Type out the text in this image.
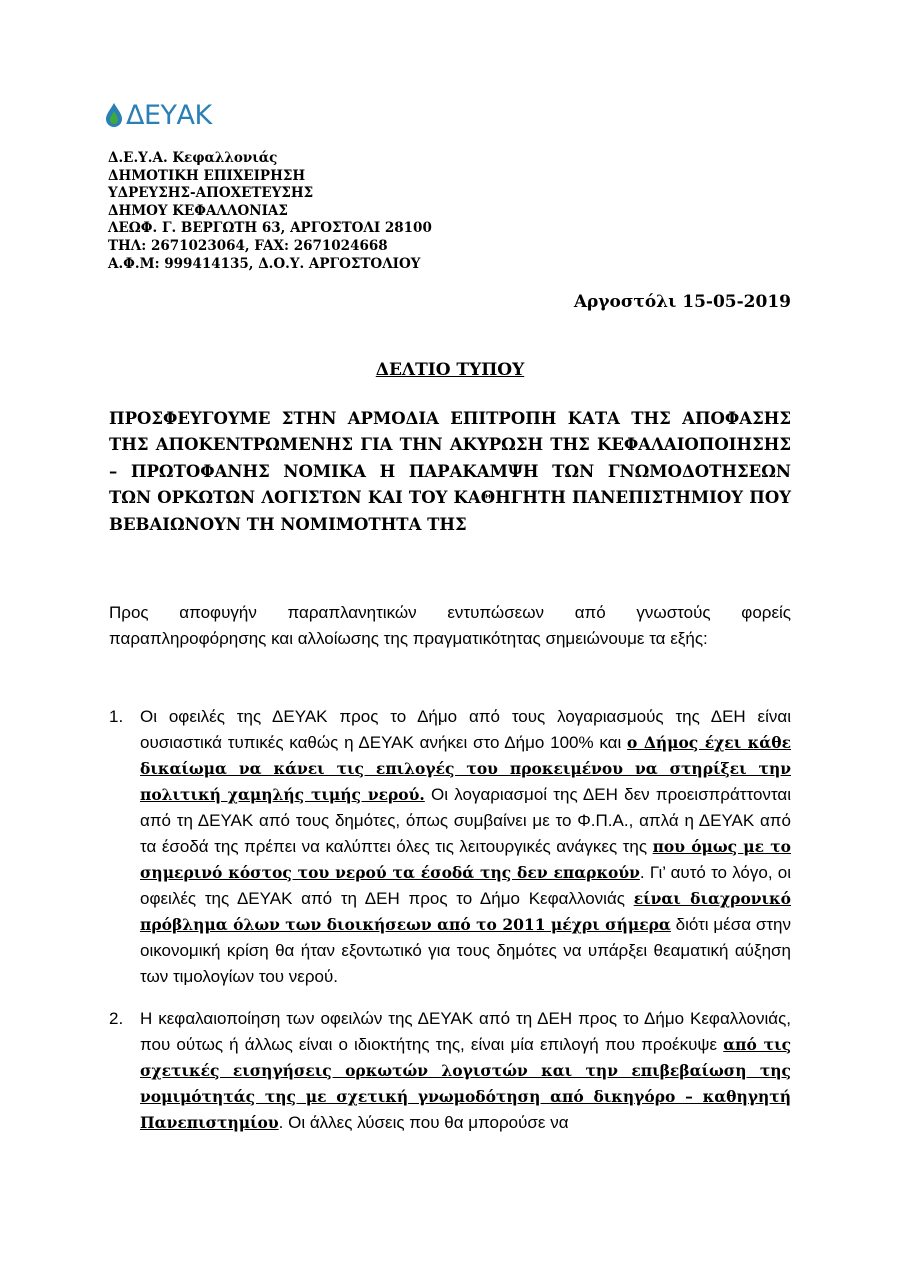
ΔΕΥΑΚ
Δ.Ε.Υ.Α. Κεφαλλονιάς
ΔΗΜΟΤΙΚΗ ΕΠΙΧΕΙΡΗΣΗ
ΥΔΡΕΥΣΗΣ-ΑΠΟΧΕΤΕΥΣΗΣ
ΔΗΜΟΥ ΚΕΦΑΛΛΟΝΙΑΣ
ΛΕΩΦ. Γ. ΒΕΡΓΩΤΗ 63, ΑΡΓΟΣΤΟΛΙ 28100
ΤΗΛ: 2671023064, FAX: 2671024668
Α.Φ.Μ: 999414135, Δ.Ο.Υ. ΑΡΓΟΣΤΟΛΙΟΥ
Αργοστόλι 15-05-2019
ΔΕΛΤΙΟ ΤΥΠΟΥ
ΠΡΟΣΦΕΥΓΟΥΜΕ ΣΤΗΝ ΑΡΜΟΔΙΑ ΕΠΙΤΡΟΠΗ ΚΑΤΑ ΤΗΣ ΑΠΟΦΑΣΗΣ ΤΗΣ ΑΠΟΚΕΝΤΡΩΜΕΝΗΣ ΓΙΑ ΤΗΝ ΑΚΥΡΩΣΗ ΤΗΣ ΚΕΦΑΛΑΙΟΠΟΙΗΣΗΣ – ΠΡΩΤΟΦΑΝΗΣ ΝΟΜΙΚΑ Η ΠΑΡΑΚΑΜΨΗ ΤΩΝ ΓΝΩΜΟΔΟΤΗΣΕΩΝ ΤΩΝ ΟΡΚΩΤΩΝ ΛΟΓΙΣΤΩΝ ΚΑΙ ΤΟΥ ΚΑΘΗΓΗΤΗ ΠΑΝΕΠΙΣΤΗΜΙΟΥ ΠΟΥ ΒΕΒΑΙΩΝΟΥΝ ΤΗ ΝΟΜΙΜΟΤΗΤΑ ΤΗΣ
Προς αποφυγήν παραπλανητικών εντυπώσεων από γνωστούς φορείς παραπληροφόρησης και αλλοίωσης της πραγματικότητας σημειώνουμε τα εξής:
1. Οι οφειλές της ΔΕΥΑΚ προς το Δήμο από τους λογαριασμούς της ΔΕΗ είναι ουσιαστικά τυπικές καθώς η ΔΕΥΑΚ ανήκει στο Δήμο 100% και ο Δήμος έχει κάθε δικαίωμα να κάνει τις επιλογές του προκειμένου να στηρίξει την πολιτική χαμηλής τιμής νερού. Οι λογαριασμοί της ΔΕΗ δεν προεισπράττονται από τη ΔΕΥΑΚ από τους δημότες, όπως συμβαίνει με το Φ.Π.Α., απλά η ΔΕΥΑΚ από τα έσοδά της πρέπει να καλύπτει όλες τις λειτουργικές ανάγκες της που όμως με το σημερινό κόστος του νερού τα έσοδά της δεν επαρκούν. Γι’ αυτό το λόγο, οι οφειλές της ΔΕΥΑΚ από τη ΔΕΗ προς το Δήμο Κεφαλλονιάς είναι διαχρονικό πρόβλημα όλων των διοικήσεων από το 2011 μέχρι σήμερα διότι μέσα στην οικονομική κρίση θα ήταν εξοντωτικό για τους δημότες να υπάρξει θεαματική αύξηση των τιμολογίων του νερού.
2. Η κεφαλαιοποίηση των οφειλών της ΔΕΥΑΚ από τη ΔΕΗ προς το Δήμο Κεφαλλονιάς, που ούτως ή άλλως είναι ο ιδιοκτήτης της, είναι μία επιλογή που προέκυψε από τις σχετικές εισηγήσεις ορκωτών λογιστών και την επιβεβαίωση της νομιμότητάς της με σχετική γνωμοδότηση από δικηγόρο – καθηγητή Πανεπιστημίου. Οι άλλες λύσεις που θα μπορούσε να
